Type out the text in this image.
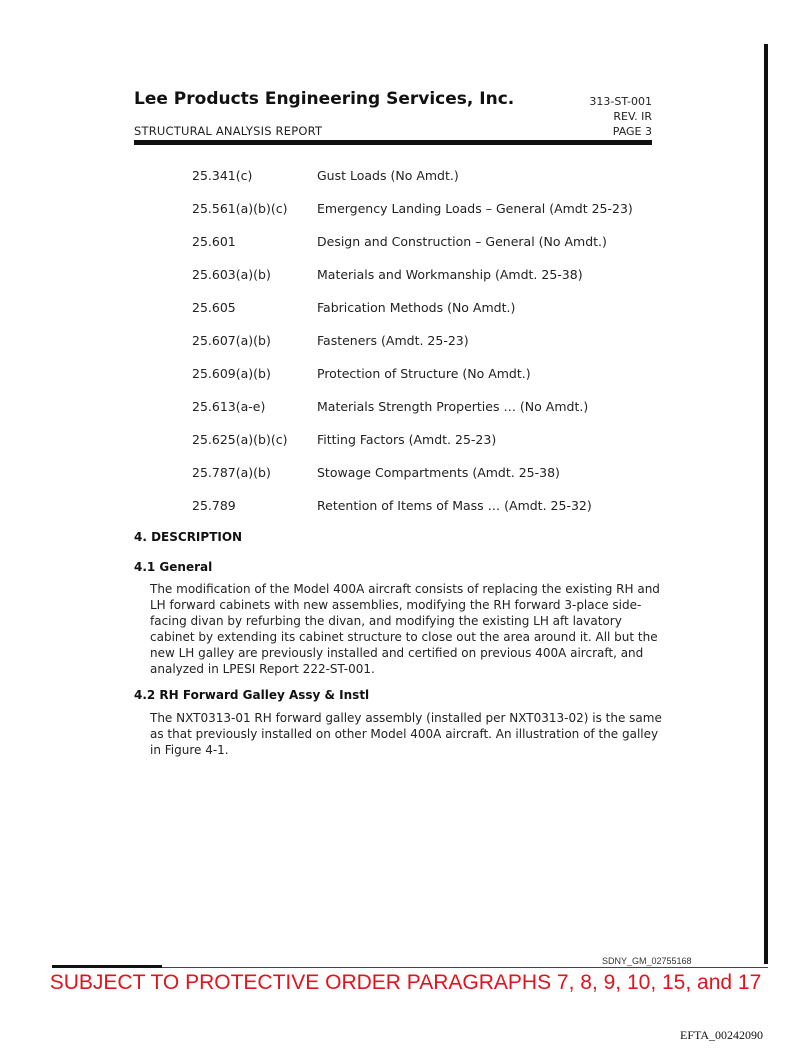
Lee Products Engineering Services, Inc.	313-ST-001
REV. IR
PAGE 3
STRUCTURAL ANALYSIS REPORT
25.341(c)	Gust Loads (No Amdt.)
25.561(a)(b)(c)	Emergency Landing Loads – General (Amdt 25-23)
25.601	Design and Construction – General (No Amdt.)
25.603(a)(b)	Materials and Workmanship (Amdt. 25-38)
25.605	Fabrication Methods (No Amdt.)
25.607(a)(b)	Fasteners (Amdt. 25-23)
25.609(a)(b)	Protection of Structure (No Amdt.)
25.613(a-e)	Materials Strength Properties … (No Amdt.)
25.625(a)(b)(c)	Fitting Factors (Amdt. 25-23)
25.787(a)(b)	Stowage Compartments (Amdt. 25-38)
25.789	Retention of Items of Mass … (Amdt. 25-32)
4. DESCRIPTION
4.1 General

The modification of the Model 400A aircraft consists of replacing the existing RH and LH forward cabinets with new assemblies, modifying the RH forward 3-place side-facing divan by refurbing the divan, and modifying the existing LH aft lavatory cabinet by extending its cabinet structure to close out the area around it. All but the new LH galley are previously installed and certified on previous 400A aircraft, and analyzed in LPESI Report 222-ST-001.

4.2 RH Forward Galley Assy & Instl

The NXT0313-01 RH forward galley assembly (installed per NXT0313-02) is the same as that previously installed on other Model 400A aircraft. An illustration of the galley in Figure 4-1.

SDNY_GM_02755168
SUBJECT TO PROTECTIVE ORDER PARAGRAPHS 7, 8, 9, 10, 15, and 17
EFTA_00242090
